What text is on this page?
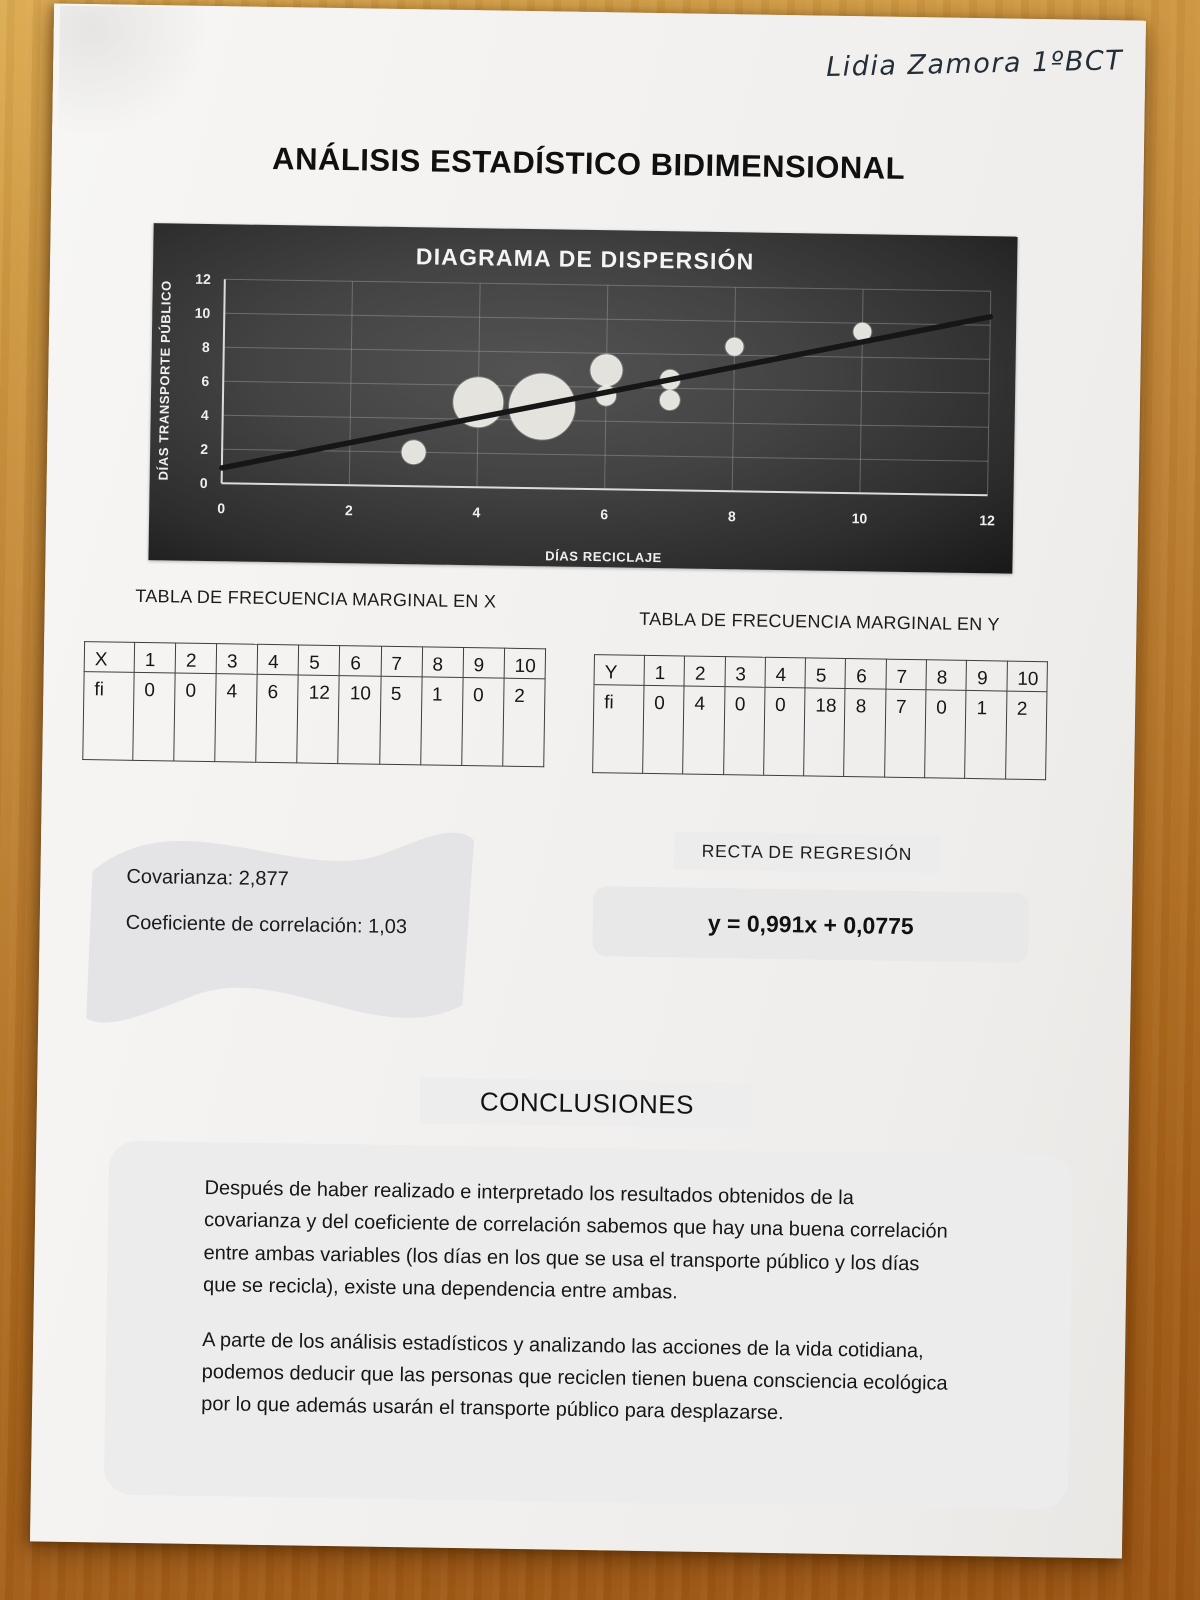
Lidia Zamora 1ºBCT
ANÁLISIS ESTADÍSTICO BIDIMENSIONAL
DIAGRAMA DE DISPERSIÓN
0	2	4	6	8	10	12
0
2
4
6
8
10
12
DÍAS RECICLAJE
DÍAS TRANSPORTE PÚBLICO
TABLA DE FRECUENCIA MARGINAL EN X
X	1	2	3	4	5	6	7	8	9	10
fi	0	0	4	6	12	10	5	1	0	2
TABLA DE FRECUENCIA MARGINAL EN Y
Y	1	2	3	4	5	6	7	8	9	10
fi	0	4	0	0	18	8	7	0	1	2
Covarianza: 2,877
Coeficiente de correlación: 1,03
RECTA DE REGRESIÓN
y = 0,991x + 0,0775
CONCLUSIONES

Después de haber realizado e interpretado los resultados obtenidos de la covarianza y del coeficiente de correlación sabemos que hay una buena correlación entre ambas variables (los días en los que se usa el transporte público y los días que se recicla), existe una dependencia entre ambas.

A parte de los análisis estadísticos y analizando las acciones de la vida cotidiana, podemos deducir que las personas que reciclen tienen buena consciencia ecológica por lo que además usarán el transporte público para desplazarse.
